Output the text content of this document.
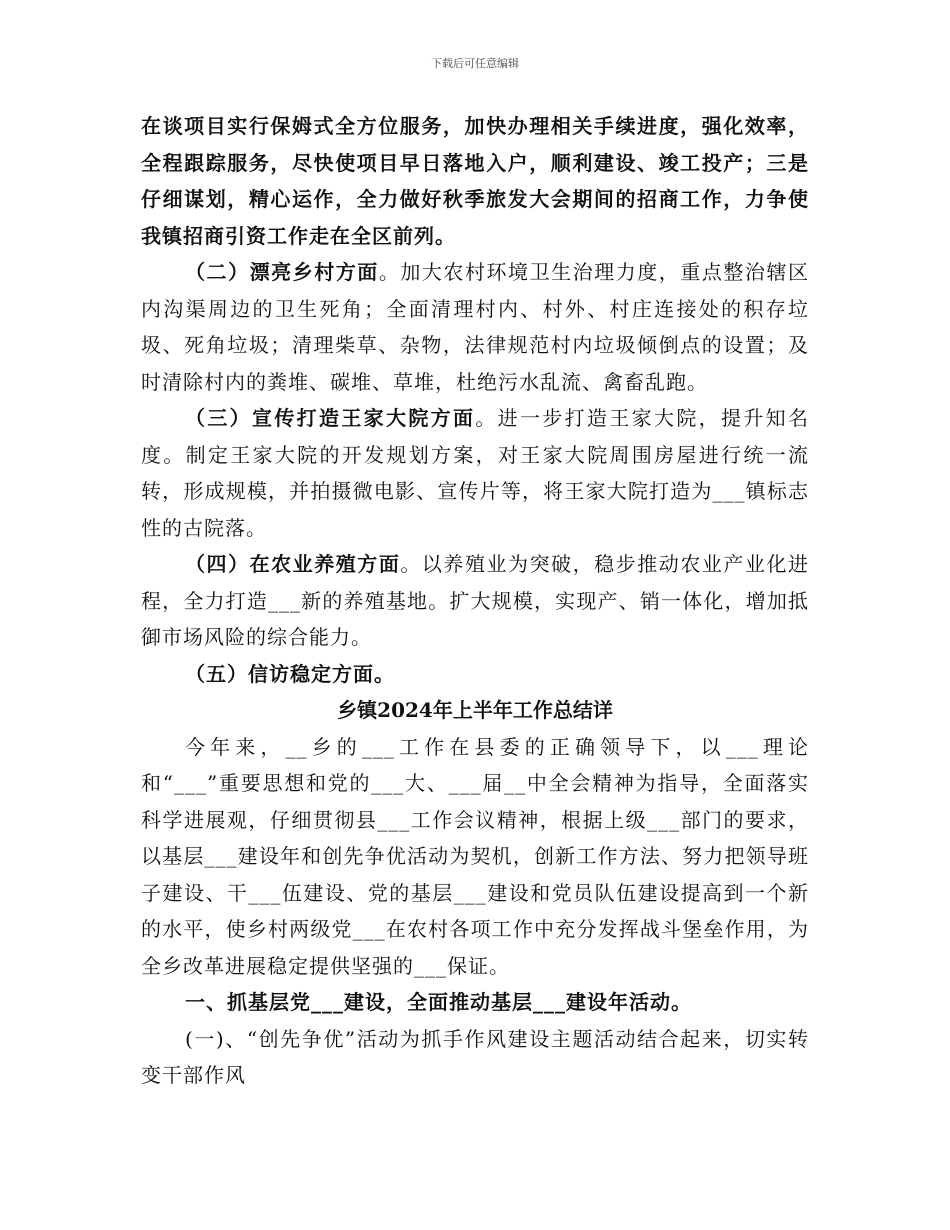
下载后可任意编辑

在谈项目实行保姆式全方位服务，加快办理相关手续进度，强化效率，全程跟踪服务，尽快使项目早日落地入户，顺利建设、竣工投产；三是仔细谋划，精心运作，全力做好秋季旅发大会期间的招商工作，力争使我镇招商引资工作走在全区前列。

（二）漂亮乡村方面。加大农村环境卫生治理力度，重点整治辖区内沟渠周边的卫生死角；全面清理村内、村外、村庄连接处的积存垃圾、死角垃圾；清理柴草、杂物，法律规范村内垃圾倾倒点的设置；及时清除村内的粪堆、碳堆、草堆，杜绝污水乱流、禽畜乱跑。

（三）宣传打造王家大院方面。进一步打造王家大院，提升知名度。制定王家大院的开发规划方案，对王家大院周围房屋进行统一流转，形成规模，并拍摄微电影、宣传片等，将王家大院打造为___镇标志性的古院落。

（四）在农业养殖方面。以养殖业为突破，稳步推动农业产业化进程，全力打造___新的养殖基地。扩大规模，实现产、销一体化，增加抵御市场风险的综合能力。

（五）信访稳定方面。

乡镇2024年上半年工作总结详

今年来，__乡的___工作在县委的正确领导下，以___理论和“___”重要思想和党的___大、___届__中全会精神为指导，全面落实科学进展观，仔细贯彻县___工作会议精神，根据上级___部门的要求，以基层___建设年和创先争优活动为契机，创新工作方法、努力把领导班子建设、干___伍建设、党的基层___建设和党员队伍建设提高到一个新的水平，使乡村两级党___在农村各项工作中充分发挥战斗堡垒作用，为全乡改革进展稳定提供坚强的___保证。

一、抓基层党___建设，全面推动基层___建设年活动。

(一)、“创先争优”活动为抓手作风建设主题活动结合起来，切实转变干部作风
